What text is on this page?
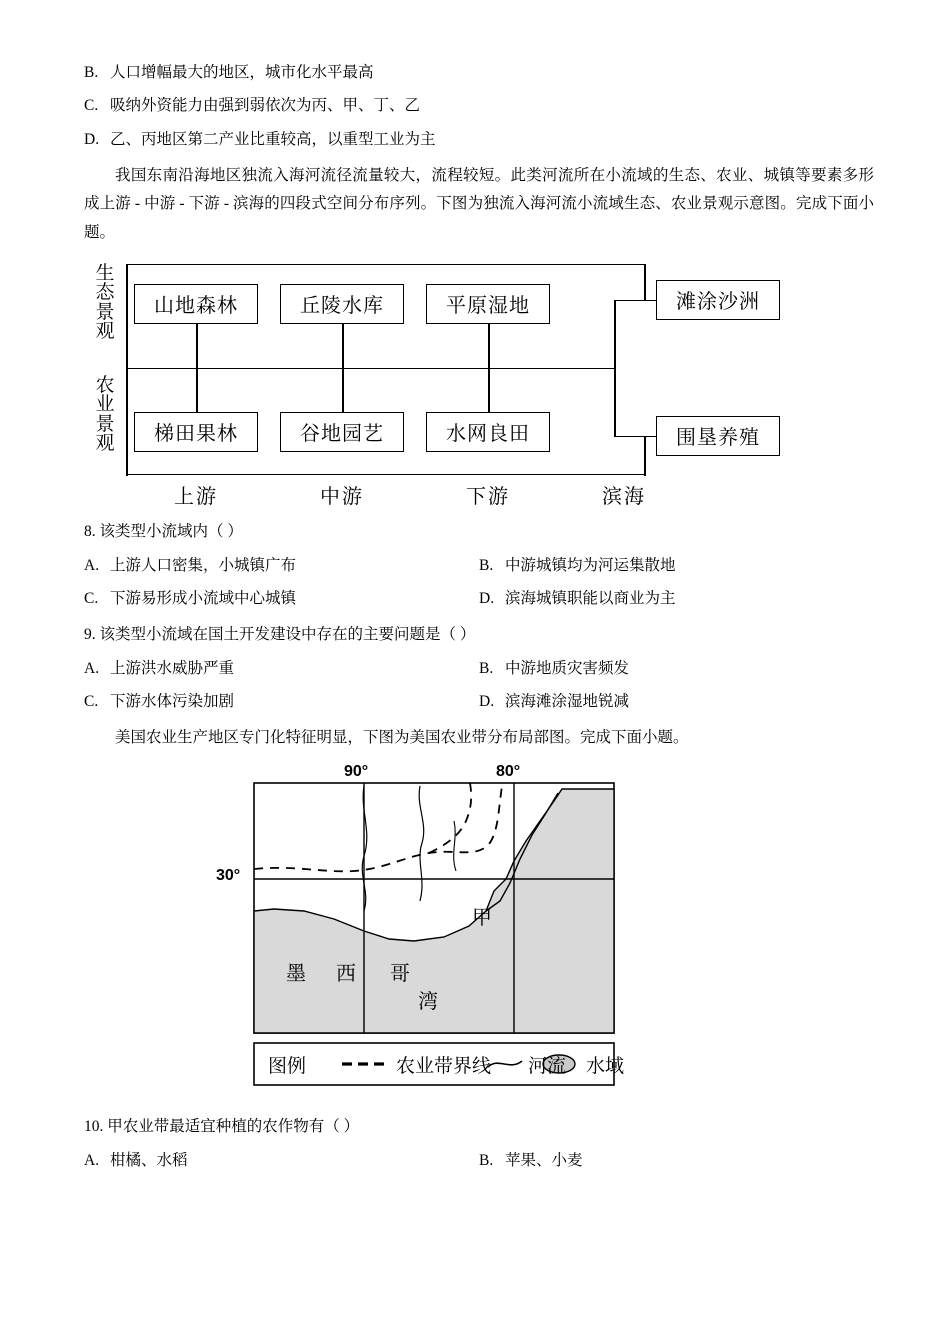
B. 人口增幅最大的地区，城市化水平最高
C. 吸纳外资能力由强到弱依次为丙、甲、丁、乙
D. 乙、丙地区第二产业比重较高，以重型工业为主

我国东南沿海地区独流入海河流径流量较大，流程较短。此类河流所在小流域的生态、农业、城镇等要素多形成上游 - 中游 - 下游 - 滨海的四段式空间分布序列。下图为独流入海河流小流域生态、农业景观示意图。完成下面小题。

生
态
景
观
农
业
景
观
山地森林	丘陵水库	平原湿地	滩涂沙洲
梯田果林	谷地园艺	水网良田	围垦养殖
上游	中游	下游	滨海
8. 该类型小流域内（ ）
A. 上游人口密集，小城镇广布	B. 中游城镇均为河运集散地
C. 下游易形成小流域中心城镇	D. 滨海城镇职能以商业为主
9. 该类型小流域在国土开发建设中存在的主要问题是（ ）
A. 上游洪水威胁严重	B. 中游地质灾害频发
C. 下游水体污染加剧	D. 滨海滩涂湿地锐减

美国农业生产地区专门化特征明显，下图为美国农业带分布局部图。完成下面小题。

90°	80°
30°
甲
墨 西 哥
湾
图例	农业带界线 河流 水域
10. 甲农业带最适宜种植的农作物有（ ）
A. 柑橘、水稻	B. 苹果、小麦
